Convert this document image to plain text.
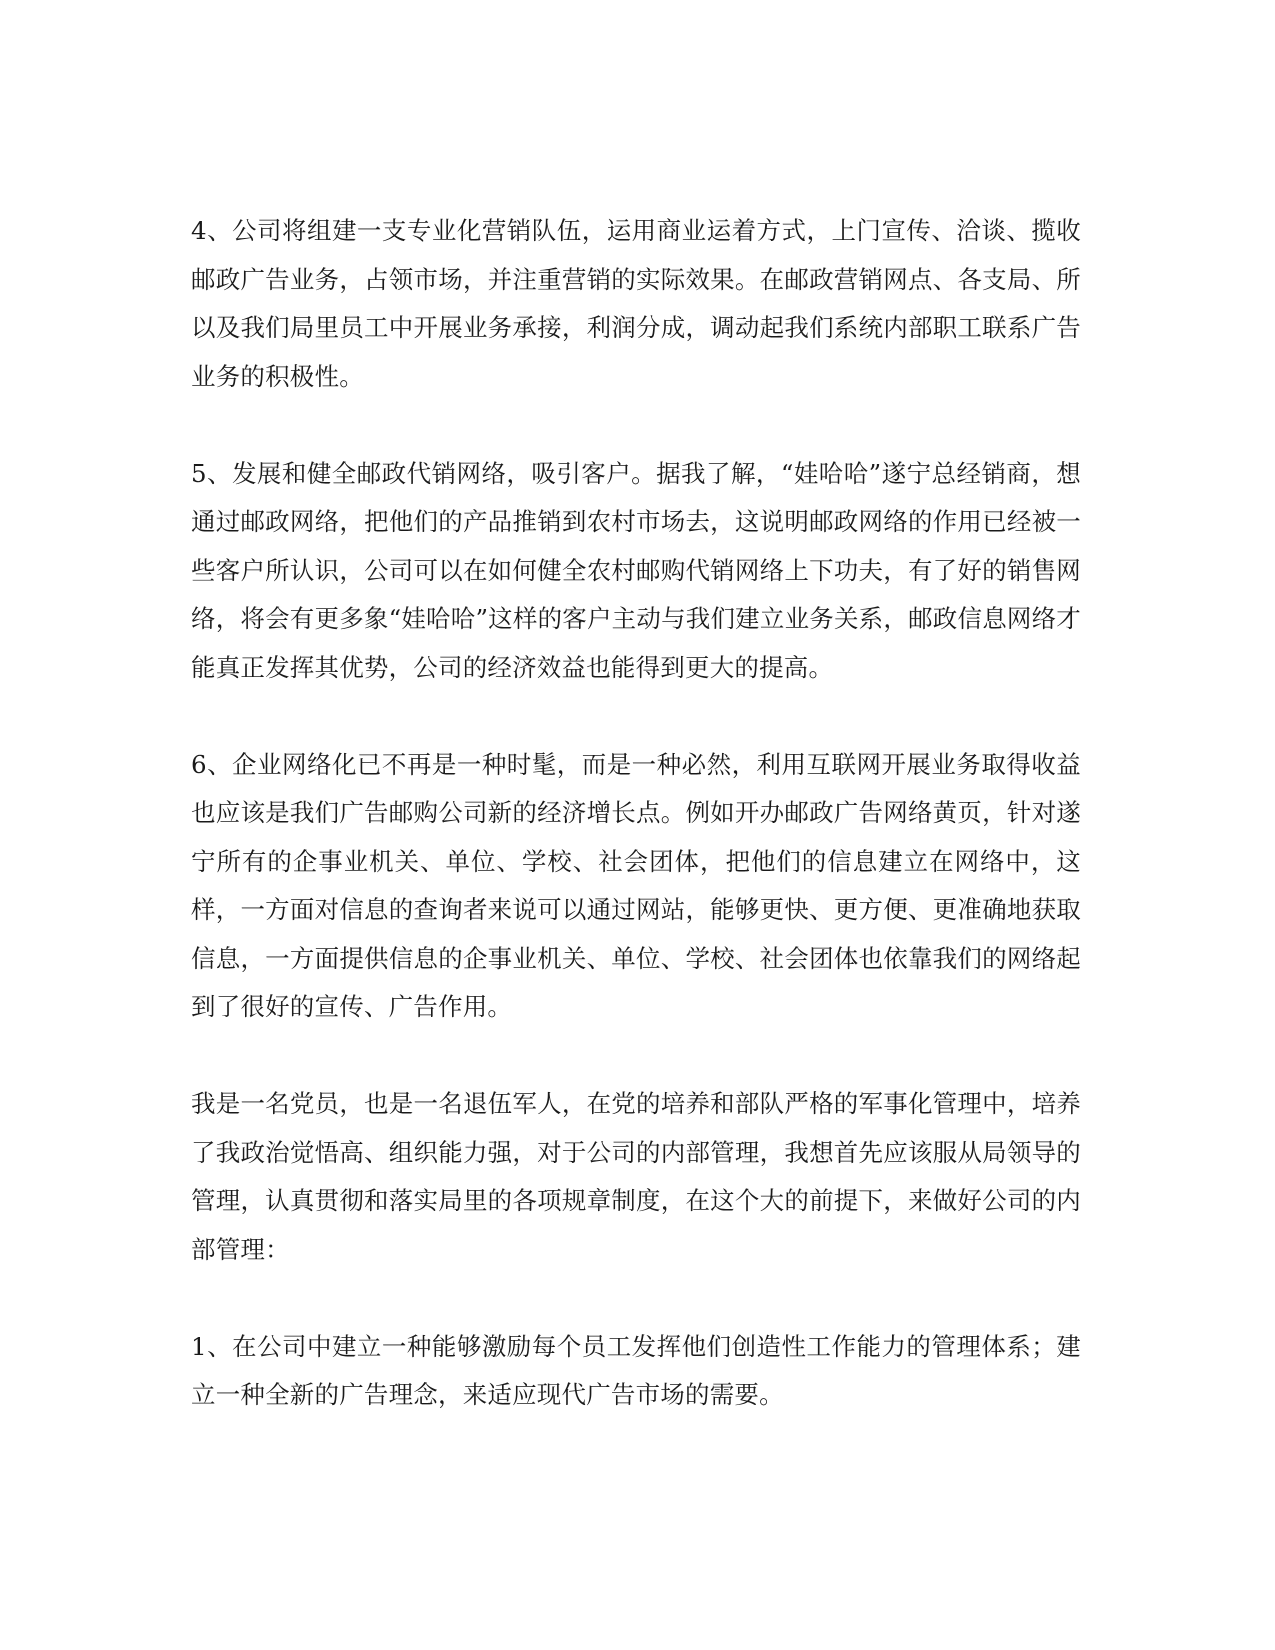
4、公司将组建一支专业化营销队伍，运用商业运着方式，上门宣传、洽谈、揽收邮政广告业务，占领市场，并注重营销的实际效果。在邮政营销网点、各支局、所以及我们局里员工中开展业务承接，利润分成，调动起我们系统内部职工联系广告业务的积极性。

5、发展和健全邮政代销网络，吸引客户。据我了解，“娃哈哈”遂宁总经销商，想通过邮政网络，把他们的产品推销到农村市场去，这说明邮政网络的作用已经被一些客户所认识，公司可以在如何健全农村邮购代销网络上下功夫，有了好的销售网络，将会有更多象“娃哈哈”这样的客户主动与我们建立业务关系，邮政信息网络才能真正发挥其优势，公司的经济效益也能得到更大的提高。

6、企业网络化已不再是一种时髦，而是一种必然，利用互联网开展业务取得收益也应该是我们广告邮购公司新的经济增长点。例如开办邮政广告网络黄页，针对遂宁所有的企事业机关、单位、学校、社会团体，把他们的信息建立在网络中，这样，一方面对信息的查询者来说可以通过网站，能够更快、更方便、更准确地获取信息，一方面提供信息的企事业机关、单位、学校、社会团体也依靠我们的网络起到了很好的宣传、广告作用。

我是一名党员，也是一名退伍军人，在党的培养和部队严格的军事化管理中，培养了我政治觉悟高、组织能力强，对于公司的内部管理，我想首先应该服从局领导的管理，认真贯彻和落实局里的各项规章制度，在这个大的前提下，来做好公司的内部管理：

1、在公司中建立一种能够激励每个员工发挥他们创造性工作能力的管理体系；建立一种全新的广告理念，来适应现代广告市场的需要。
